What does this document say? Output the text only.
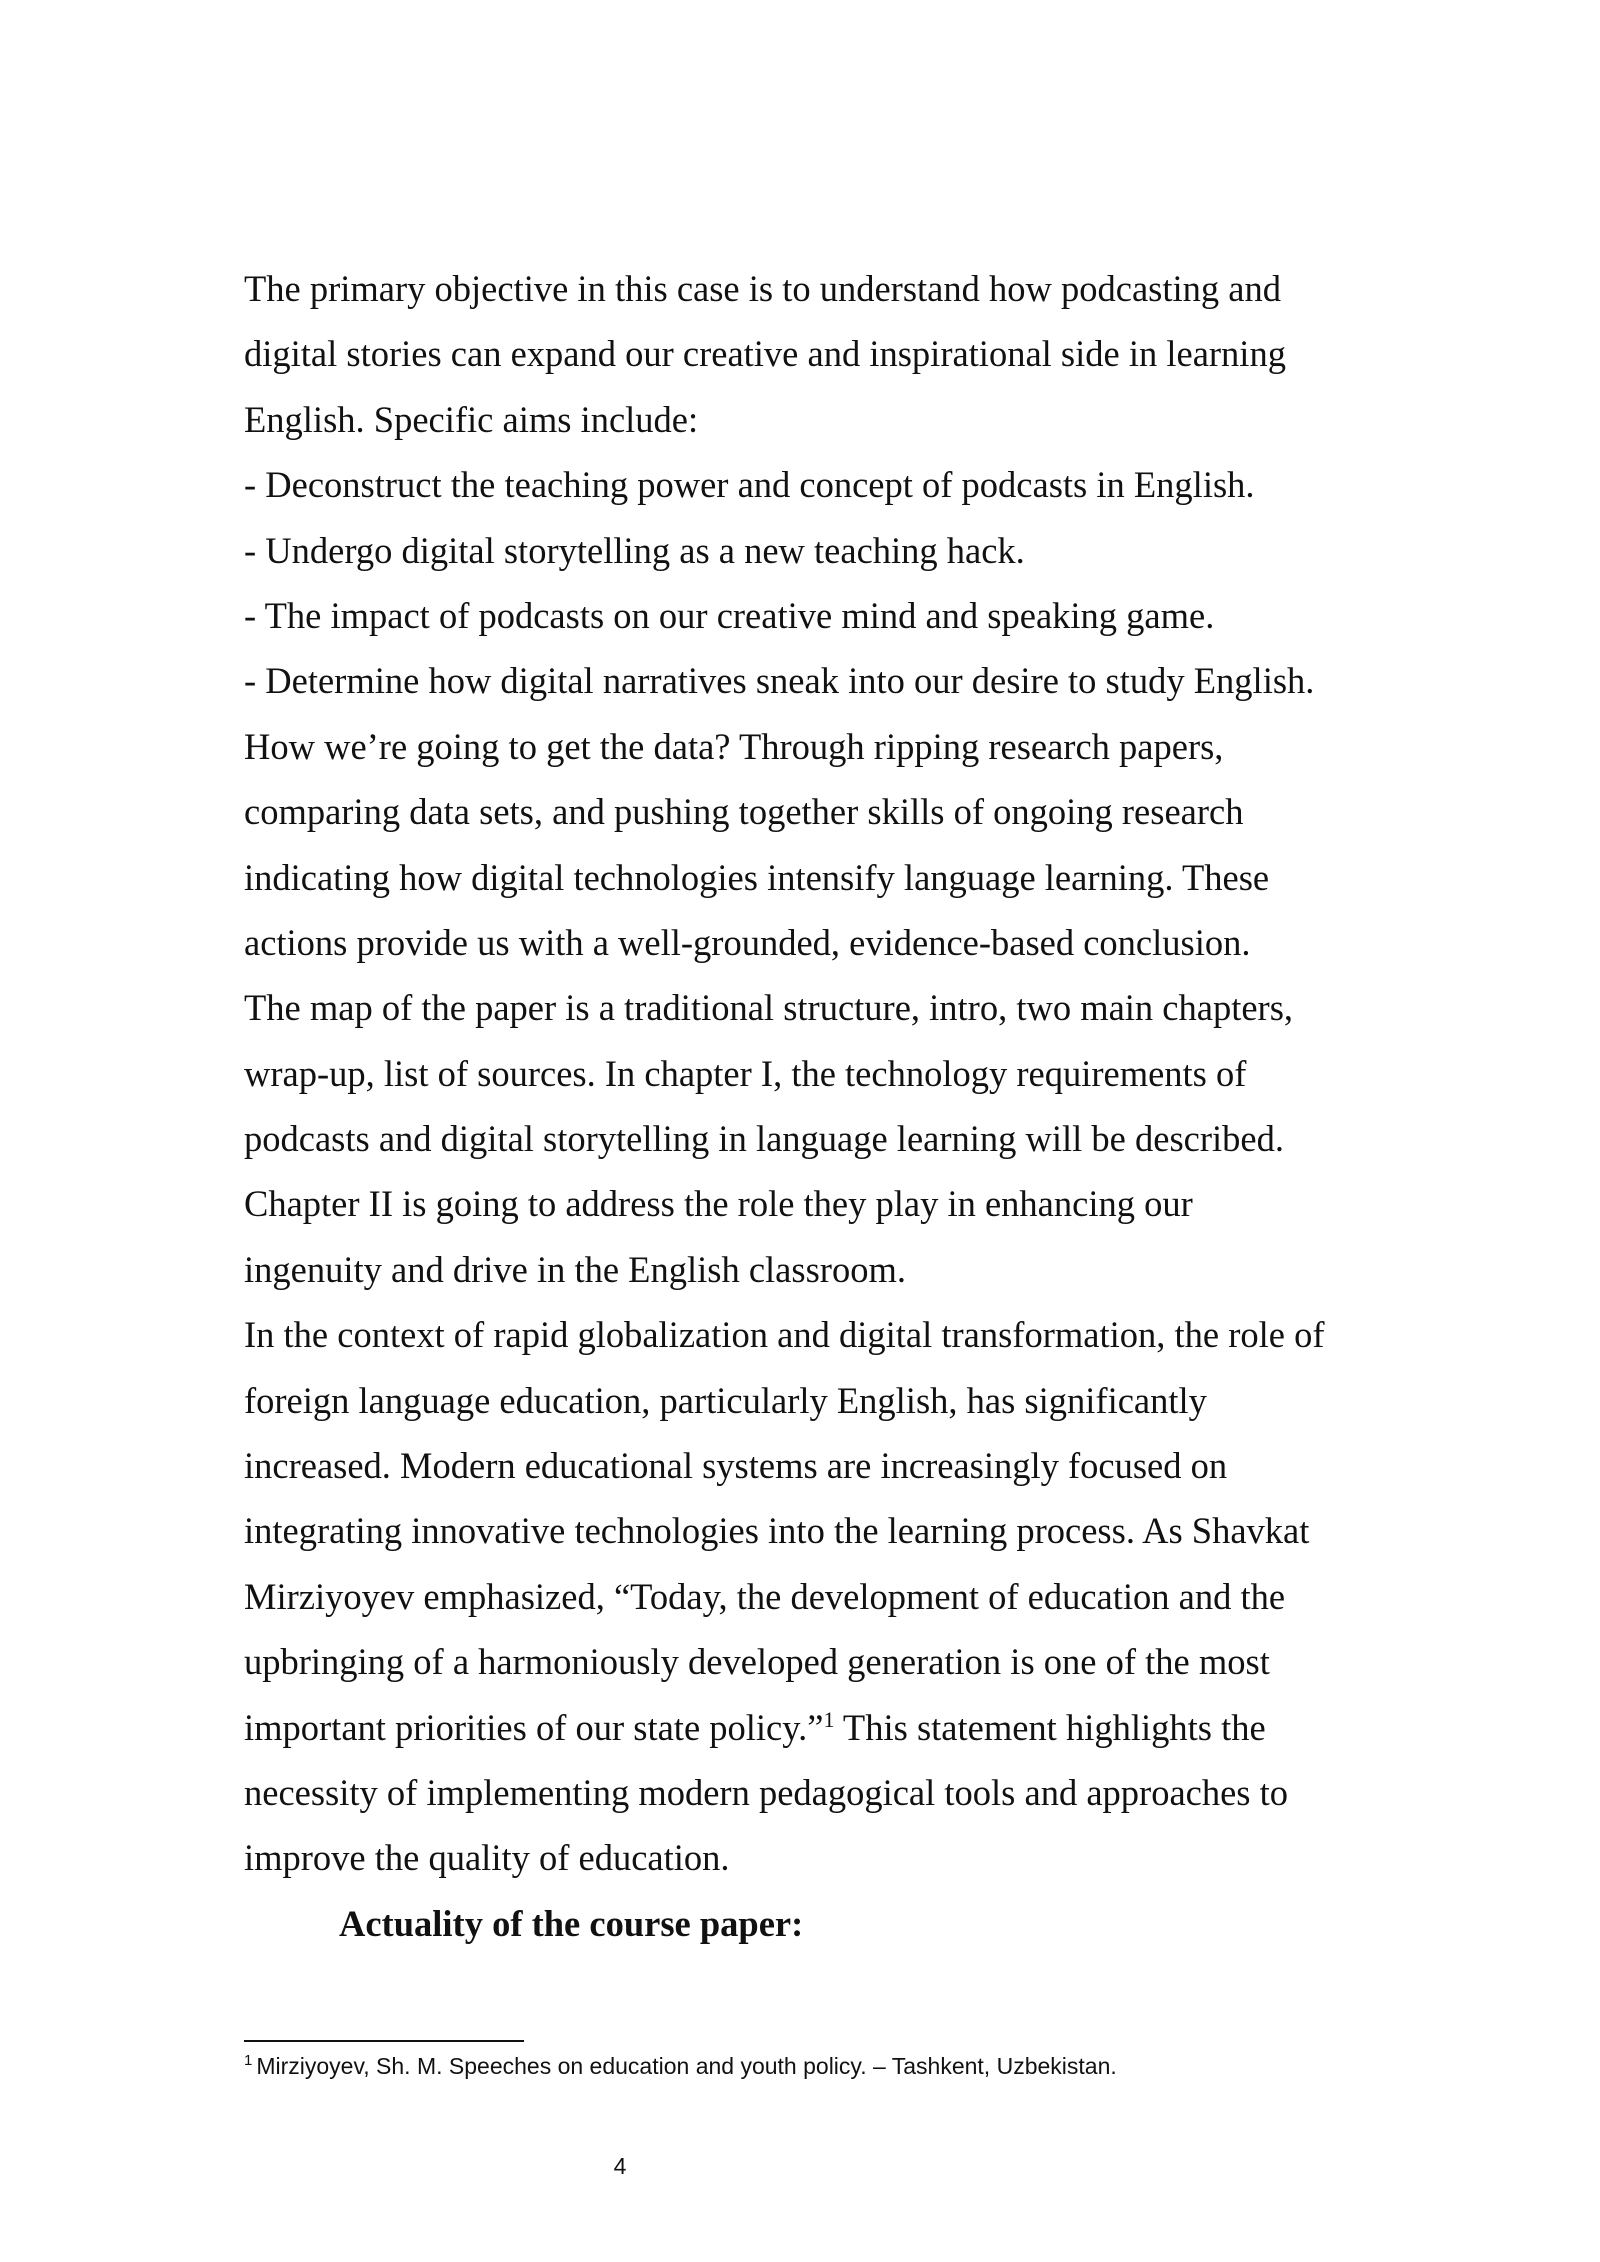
The primary objective in this case is to understand how podcasting and
digital stories can expand our creative and inspirational side in learning
English. Specific aims include:
- Deconstruct the teaching power and concept of podcasts in English.
- Undergo digital storytelling as a new teaching hack.
- The impact of podcasts on our creative mind and speaking game.
- Determine how digital narratives sneak into our desire to study English.
How we’re going to get the data? Through ripping research papers,
comparing data sets, and pushing together skills of ongoing research
indicating how digital technologies intensify language learning. These
actions provide us with a well-grounded, evidence-based conclusion.
The map of the paper is a traditional structure, intro, two main chapters,
wrap-up, list of sources. In chapter I, the technology requirements of
podcasts and digital storytelling in language learning will be described.
Chapter II is going to address the role they play in enhancing our
ingenuity and drive in the English classroom.
In the context of rapid globalization and digital transformation, the role of
foreign language education, particularly English, has significantly
increased. Modern educational systems are increasingly focused on
integrating innovative technologies into the learning process. As Shavkat
Mirziyoyev emphasized, “Today, the development of education and the
upbringing of a harmoniously developed generation is one of the most
important priorities of our state policy.”$^1$ This statement highlights the
necessity of implementing modern pedagogical tools and approaches to
improve the quality of education.
Actuality of the course paper:
$^1$ Mirziyoyev, Sh. M. Speeches on education and youth policy. – Tashkent, Uzbekistan.
4
